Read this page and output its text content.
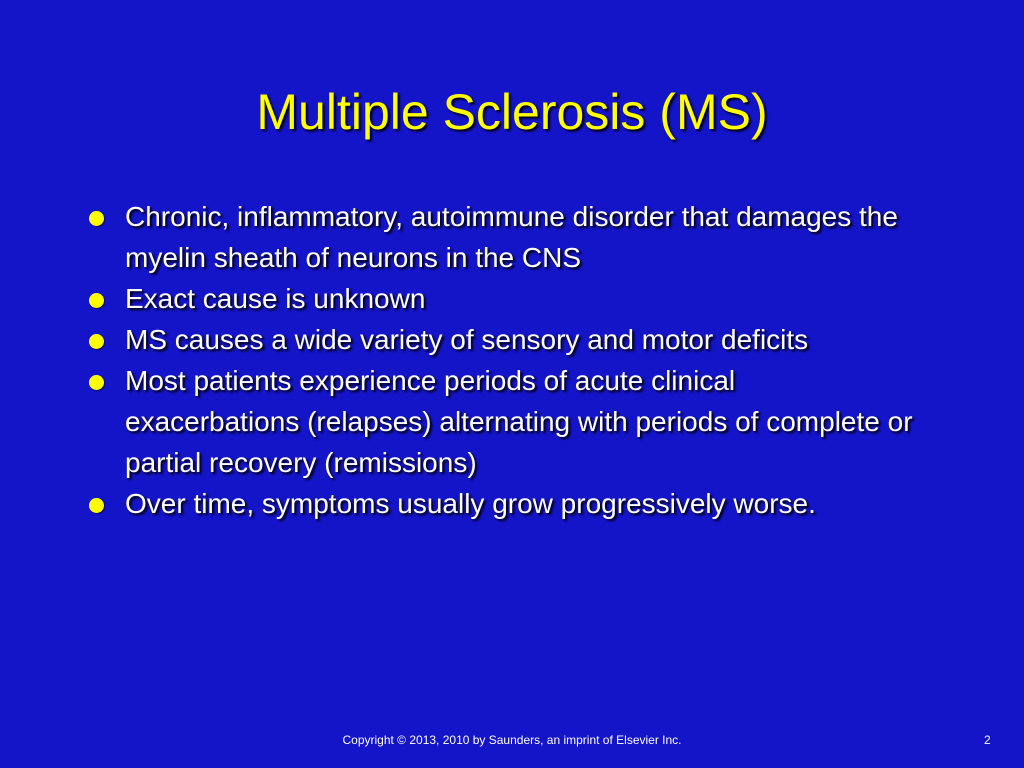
Multiple Sclerosis (MS)
Chronic, inflammatory, autoimmune disorder that damages the myelin sheath of neurons in the CNS
Exact cause is unknown
MS causes a wide variety of sensory and motor deficits
Most patients experience periods of acute clinical exacerbations (relapses) alternating with periods of complete or partial recovery (remissions)
Over time, symptoms usually grow progressively worse.
Copyright © 2013, 2010 by Saunders, an imprint of Elsevier Inc.	2
